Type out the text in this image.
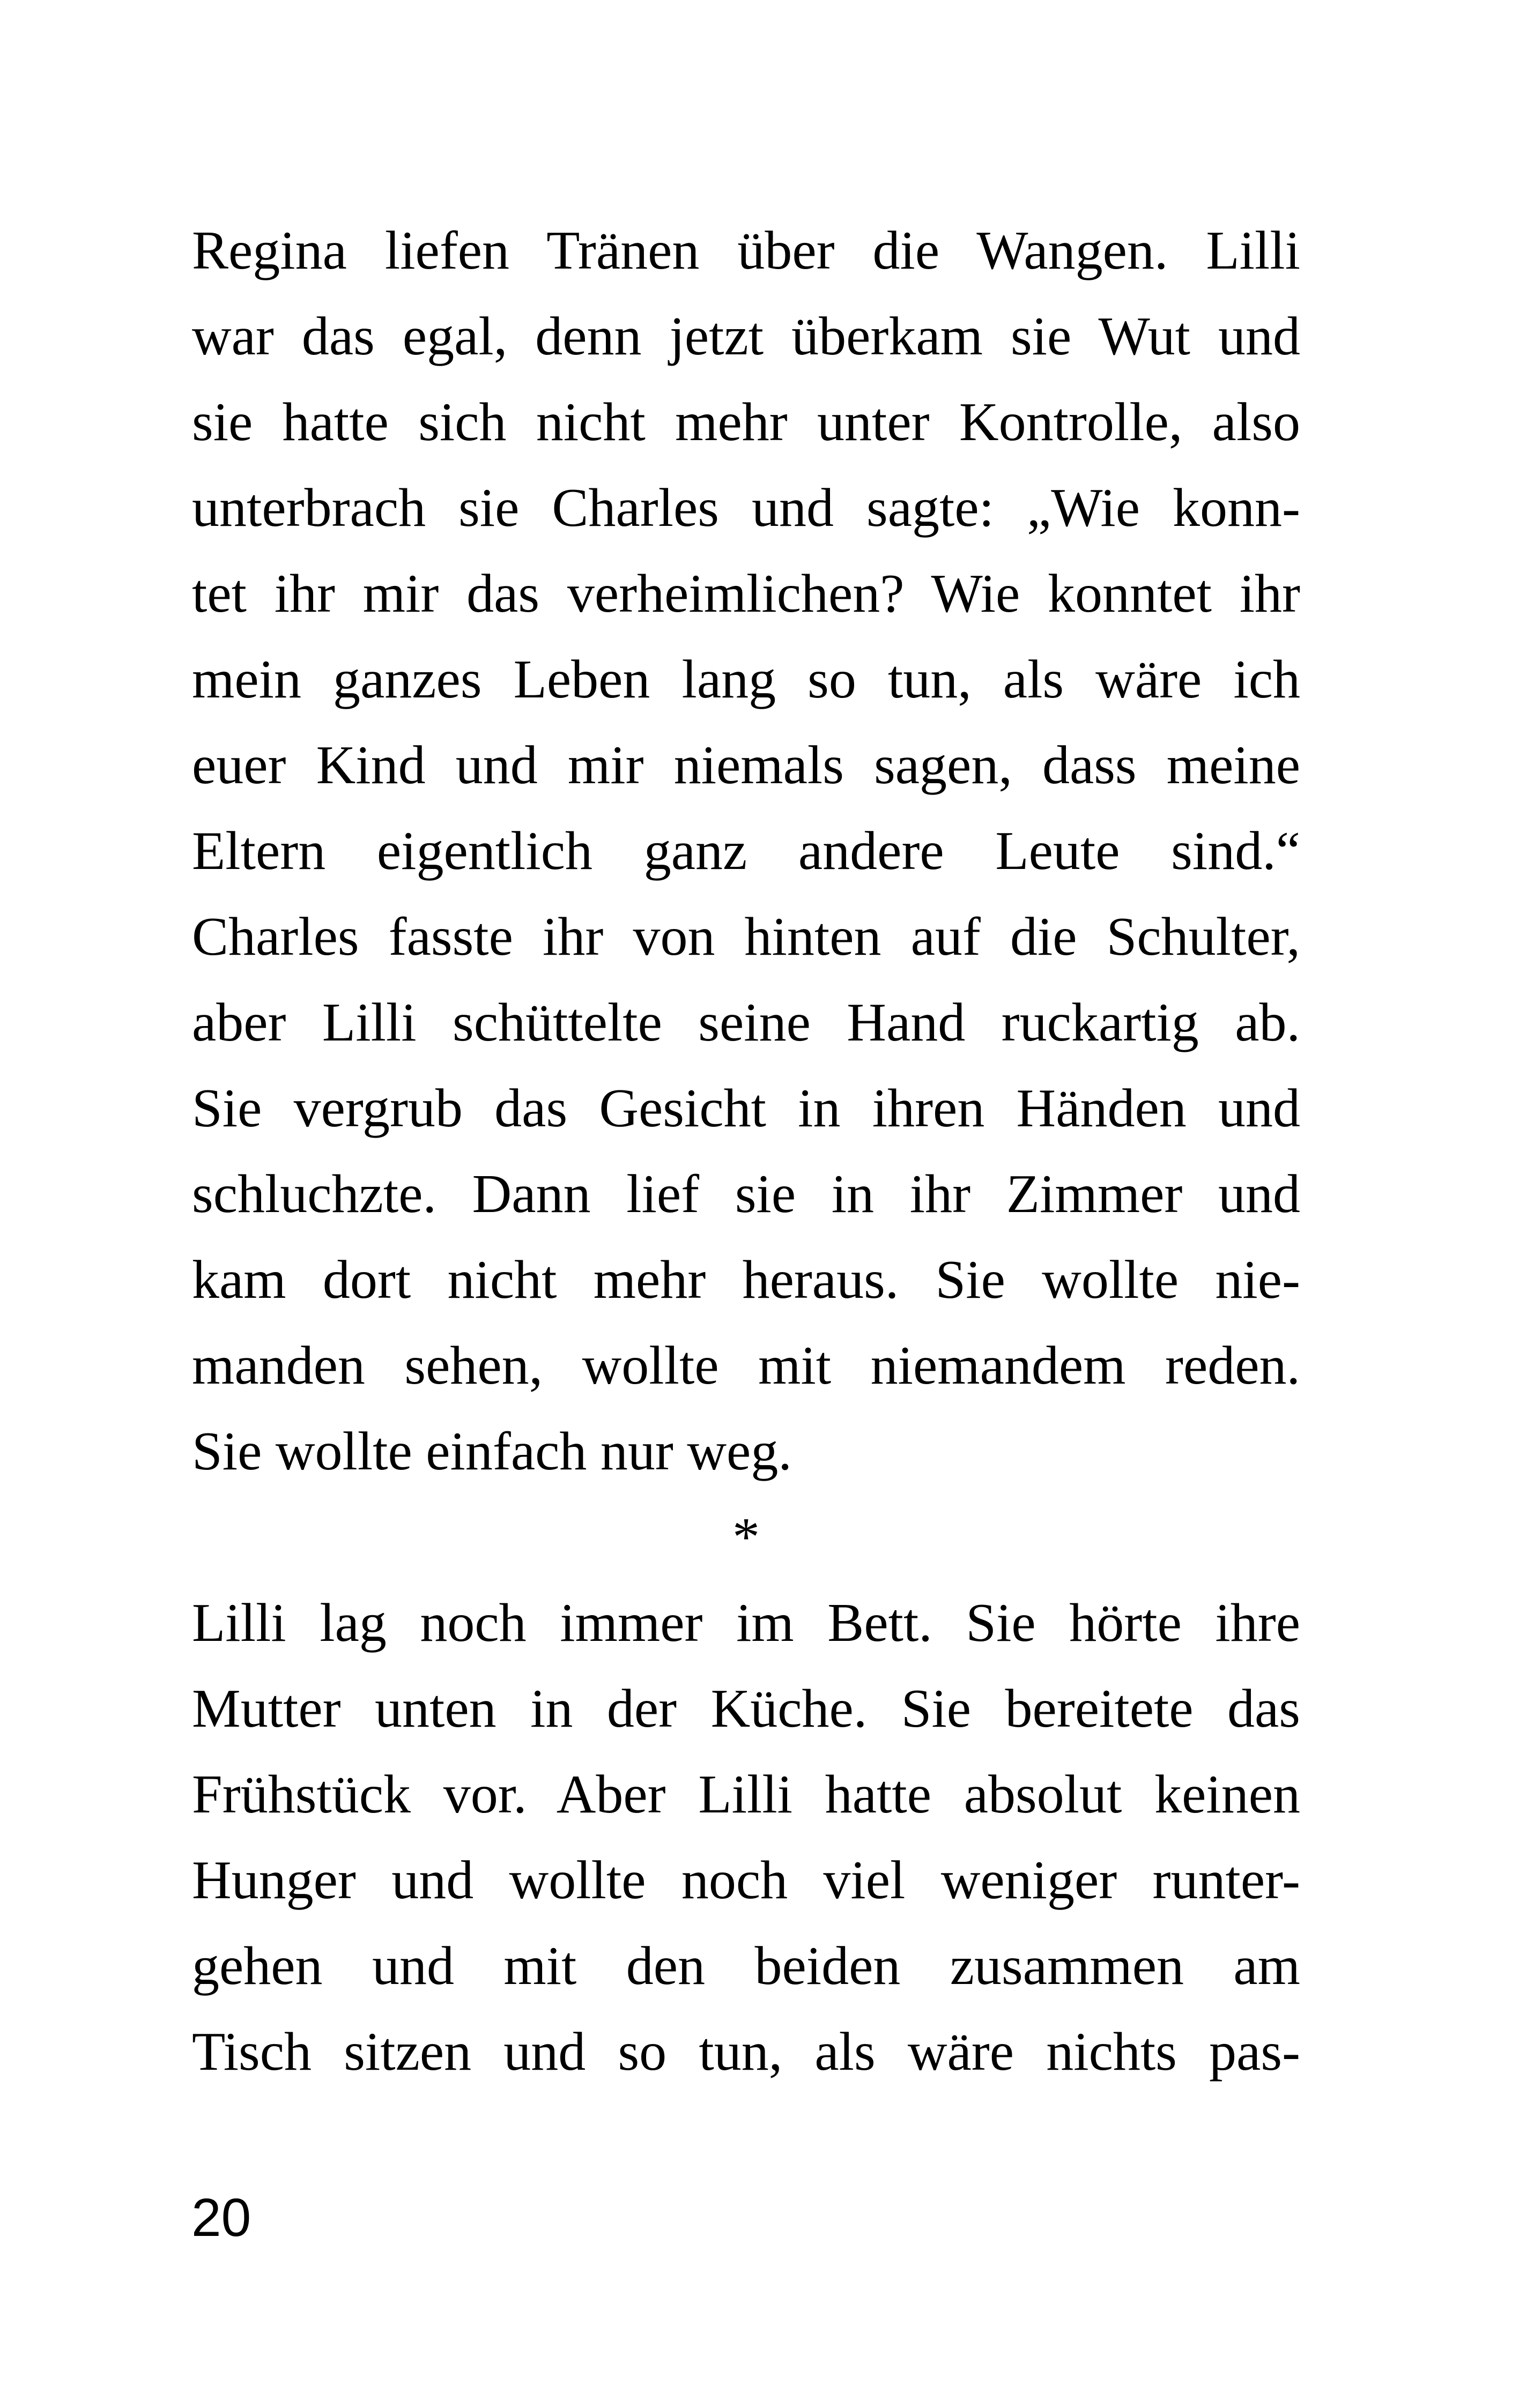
Regina liefen Tränen über die Wangen. Lilli
war das egal, denn jetzt überkam sie Wut und
sie hatte sich nicht mehr unter Kontrolle, also
unterbrach sie Charles und sagte: „Wie konn-
tet ihr mir das verheimlichen? Wie konntet ihr
mein ganzes Leben lang so tun, als wäre ich
euer Kind und mir niemals sagen, dass meine
Eltern eigentlich ganz andere Leute sind.“
Charles fasste ihr von hinten auf die Schulter,
aber Lilli schüttelte seine Hand ruckartig ab.
Sie vergrub das Gesicht in ihren Händen und
schluchzte. Dann lief sie in ihr Zimmer und
kam dort nicht mehr heraus. Sie wollte nie-
manden sehen, wollte mit niemandem reden.
Sie wollte einfach nur weg.
*
Lilli lag noch immer im Bett. Sie hörte ihre
Mutter unten in der Küche. Sie bereitete das
Frühstück vor. Aber Lilli hatte absolut keinen
Hunger und wollte noch viel weniger runter-
gehen und mit den beiden zusammen am
Tisch sitzen und so tun, als wäre nichts pas-
20
